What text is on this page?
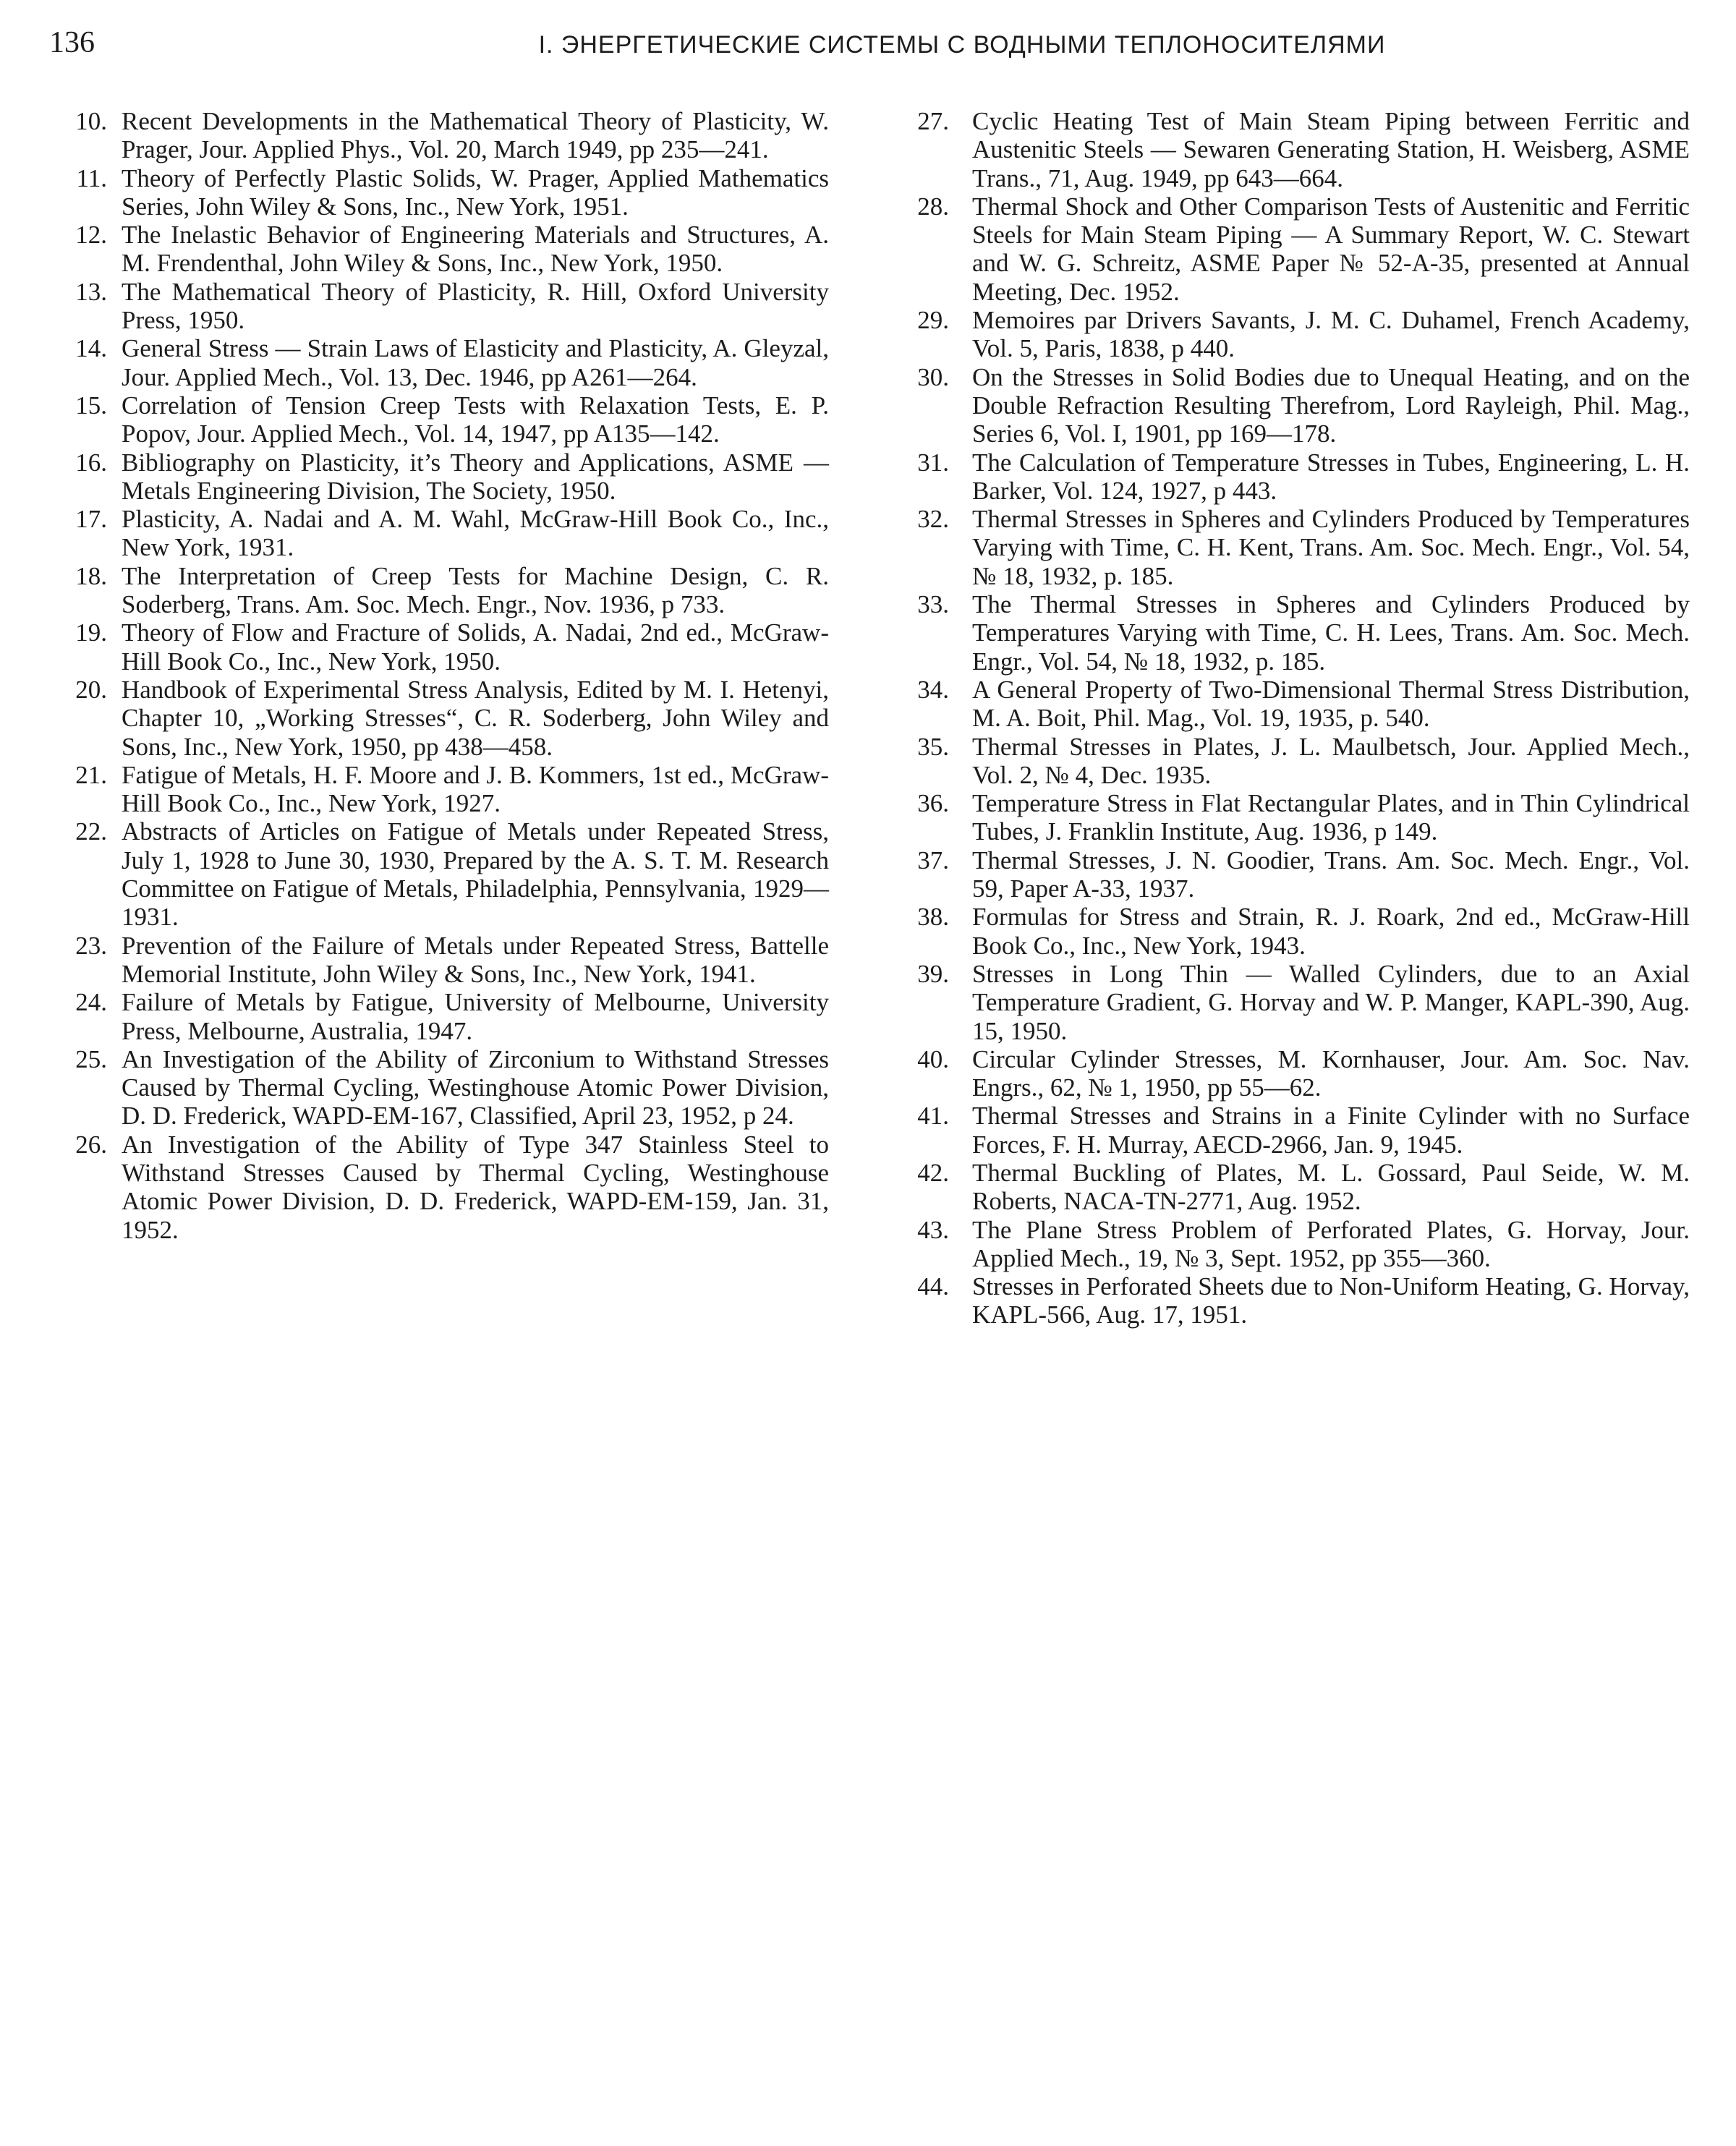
136	I. ЭНЕРГЕТИЧЕСКИЕ СИСТЕМЫ С ВОДНЫМИ ТЕПЛОНОСИТЕЛЯМИ
10. Recent Developments in the Mathematical Theory of Plasticity, W. Prager, Jour. Applied Phys., Vol. 20, March 1949, pp 235—241.
11. Theory of Perfectly Plastic Solids, W. Prager, Applied Mathematics Series, John Wiley & Sons, Inc., New York, 1951.
12. The Inelastic Behavior of Engineering Materials and Structures, A. M. Frendenthal, John Wiley & Sons, Inc., New York, 1950.
13. The Mathematical Theory of Plasticity, R. Hill, Oxford University Press, 1950.
14. General Stress — Strain Laws of Elasticity and Plasticity, A. Gleyzal, Jour. Applied Mech., Vol. 13, Dec. 1946, pp A261—264.
15. Correlation of Tension Creep Tests with Relaxation Tests, E. P. Popov, Jour. Applied Mech., Vol. 14, 1947, pp A135—142.
16. Bibliography on Plasticity, it’s Theory and Applications, ASME — Metals Engineering Division, The Society, 1950.
17. Plasticity, A. Nadai and A. M. Wahl, McGraw-Hill Book Co., Inc., New York, 1931.
18. The Interpretation of Creep Tests for Machine Design, C. R. Soderberg, Trans. Am. Soc. Mech. Engr., Nov. 1936, p 733.
19. Theory of Flow and Fracture of Solids, A. Nadai, 2nd ed., McGraw-Hill Book Co., Inc., New York, 1950.
20. Handbook of Experimental Stress Analysis, Edited by M. I. Hetenyi, Chapter 10, „Working Stresses“, C. R. Soderberg, John Wiley and Sons, Inc., New York, 1950, pp 438—458.
21. Fatigue of Metals, H. F. Moore and J. B. Kommers, 1st ed., McGraw-Hill Book Co., Inc., New York, 1927.
22. Abstracts of Articles on Fatigue of Metals under Repeated Stress, July 1, 1928 to June 30, 1930, Prepared by the A. S. T. M. Research Committee on Fatigue of Metals, Philadelphia, Pennsylvania, 1929—1931.
23. Prevention of the Failure of Metals under Repeated Stress, Battelle Memorial Institute, John Wiley & Sons, Inc., New York, 1941.
24. Failure of Metals by Fatigue, University of Melbourne, University Press, Melbourne, Australia, 1947.
25. An Investigation of the Ability of Zirconium to Withstand Stresses Caused by Thermal Cycling, Westinghouse Atomic Power Division, D. D. Frederick, WAPD-EM-167, Classified, April 23, 1952, p 24.
26. An Investigation of the Ability of Type 347 Stainless Steel to Withstand Stresses Caused by Thermal Cycling, Westinghouse Atomic Power Division, D. D. Frederick, WAPD-EM-159, Jan. 31, 1952.
27. Cyclic Heating Test of Main Steam Piping between Ferritic and Austenitic Steels — Sewaren Generating Station, H. Weisberg, ASME Trans., 71, Aug. 1949, pp 643—664.
28. Thermal Shock and Other Comparison Tests of Austenitic and Ferritic Steels for Main Steam Piping — A Summary Report, W. C. Stewart and W. G. Schreitz, ASME Paper № 52-A-35, presented at Annual Meeting, Dec. 1952.
29. Memoires par Drivers Savants, J. M. C. Duhamel, French Academy, Vol. 5, Paris, 1838, p 440.
30. On the Stresses in Solid Bodies due to Unequal Heating, and on the Double Refraction Resulting Therefrom, Lord Rayleigh, Phil. Mag., Series 6, Vol. I, 1901, pp 169—178.
31. The Calculation of Temperature Stresses in Tubes, Engineering, L. H. Barker, Vol. 124, 1927, p 443.
32. Thermal Stresses in Spheres and Cylinders Produced by Temperatures Varying with Time, C. H. Kent, Trans. Am. Soc. Mech. Engr., Vol. 54, № 18, 1932, p. 185.
33. The Thermal Stresses in Spheres and Cylinders Produced by Temperatures Varying with Time, C. H. Lees, Trans. Am. Soc. Mech. Engr., Vol. 54, № 18, 1932, p. 185.
34. A General Property of Two-Dimensional Thermal Stress Distribution, M. A. Boit, Phil. Mag., Vol. 19, 1935, p. 540.
35. Thermal Stresses in Plates, J. L. Maulbetsch, Jour. Applied Mech., Vol. 2, № 4, Dec. 1935.
36. Temperature Stress in Flat Rectangular Plates, and in Thin Cylindrical Tubes, J. Franklin Institute, Aug. 1936, p 149.
37. Thermal Stresses, J. N. Goodier, Trans. Am. Soc. Mech. Engr., Vol. 59, Paper A-33, 1937.
38. Formulas for Stress and Strain, R. J. Roark, 2nd ed., McGraw-Hill Book Co., Inc., New York, 1943.
39. Stresses in Long Thin — Walled Cylinders, due to an Axial Temperature Gradient, G. Horvay and W. P. Manger, KAPL-390, Aug. 15, 1950.
40. Circular Cylinder Stresses, M. Kornhauser, Jour. Am. Soc. Nav. Engrs., 62, № 1, 1950, pp 55—62.
41. Thermal Stresses and Strains in a Finite Cylinder with no Surface Forces, F. H. Murray, AECD-2966, Jan. 9, 1945.
42. Thermal Buckling of Plates, M. L. Gossard, Paul Seide, W. M. Roberts, NACA-TN-2771, Aug. 1952.
43. The Plane Stress Problem of Perforated Plates, G. Horvay, Jour. Applied Mech., 19, № 3, Sept. 1952, pp 355—360.
44. Stresses in Perforated Sheets due to Non-Uniform Heating, G. Horvay, KAPL-566, Aug. 17, 1951.
